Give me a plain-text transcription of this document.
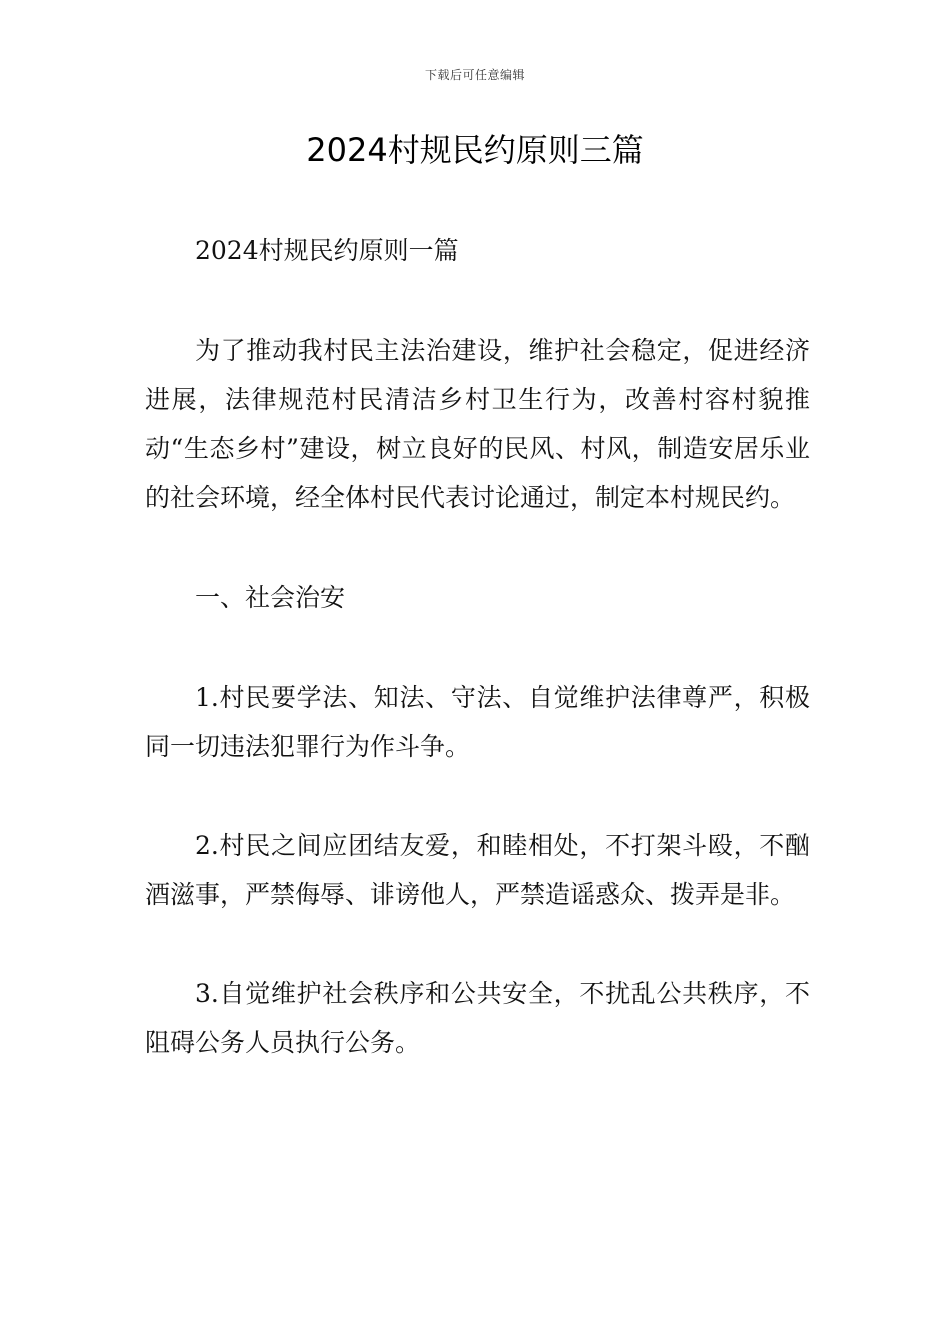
下载后可任意编辑
2024村规民约原则三篇

2024村规民约原则一篇

为了推动我村民主法治建设，维护社会稳定，促进经济进展，法律规范村民清洁乡村卫生行为，改善村容村貌推动“生态乡村”建设，树立良好的民风、村风，制造安居乐业的社会环境，经全体村民代表讨论通过，制定本村规民约。

一、社会治安

1.村民要学法、知法、守法、自觉维护法律尊严，积极同一切违法犯罪行为作斗争。

2.村民之间应团结友爱，和睦相处，不打架斗殴，不酗酒滋事，严禁侮辱、诽谤他人，严禁造谣惑众、拨弄是非。

3.自觉维护社会秩序和公共安全，不扰乱公共秩序，不阻碍公务人员执行公务。
